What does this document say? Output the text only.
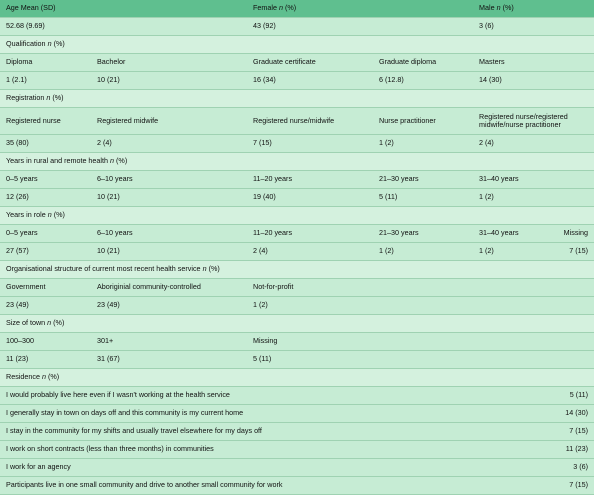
Age Mean (SD)		Female n (%)		Male n (%)	
52.68 (9.69)		43 (92)		3 (6)	
Qualification n (%)					
Diploma	Bachelor	Graduate certificate	Graduate diploma	Masters	
1 (2.1)	10 (21)	16 (34)	6 (12.8)	14 (30)	
Registration n (%)					
Registered nurse	Registered midwife	Registered nurse/midwife	Nurse practitioner	Registered nurse/registered midwife/nurse practitioner	
35 (80)	2 (4)	7 (15)	1 (2)	2 (4)	
Years in rural and remote health n (%)					
0–5 years	6–10 years	11–20 years	21–30 years	31–40 years	
12 (26)	10 (21)	19 (40)	5 (11)	1 (2)	
Years in role n (%)					
0–5 years	6–10 years	11–20 years	21–30 years	31–40 years	Missing
27 (57)	10 (21)	2 (4)	1 (2)	1 (2)	7 (15)
Organisational structure of current most recent health service n (%)					
Government	Aboriginial community-controlled	Not-for-profit			
23 (49)	23 (49)	1 (2)			
Size of town n (%)					
100–300	301+	Missing			
11 (23)	31 (67)	5 (11)			
Residence n (%)					
I would probably live here even if I wasn't working at the health service					5 (11)
I generally stay in town on days off and this community is my current home					14 (30)
I stay in the community for my shifts and usually travel elsewhere for my days off					7 (15)
I work on short contracts (less than three months) in communities					11 (23)
I work for an agency					3 (6)
Participants live in one small community and drive to another small community for work					7 (15)
